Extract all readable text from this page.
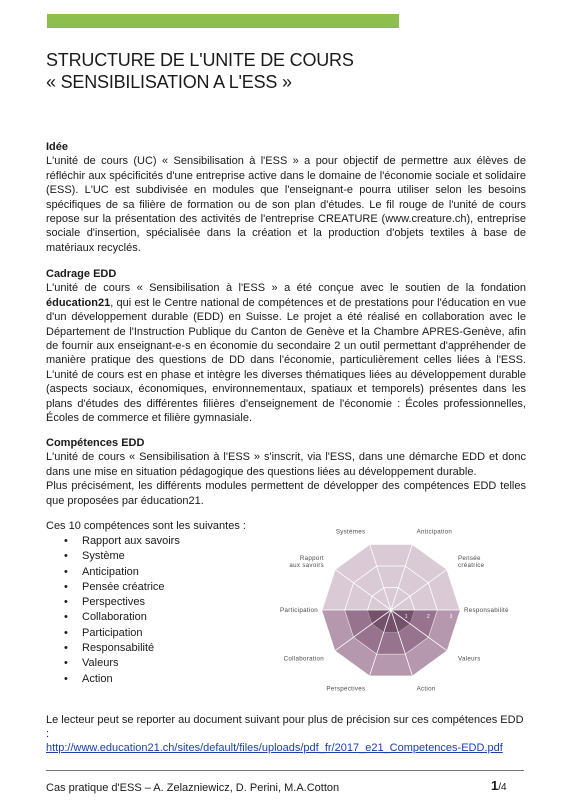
STRUCTURE DE L'UNITE DE COURS
« SENSIBILISATION A L'ESS »
Idée

L'unité de cours (UC) « Sensibilisation à l'ESS » a pour objectif de permettre aux élèves de réfléchir aux spécificités d'une entreprise active dans le domaine de l'économie sociale et solidaire (ESS). L'UC est subdivisée en modules que l'enseignant-e pourra utiliser selon les besoins spécifiques de sa filière de formation ou de son plan d'études. Le fil rouge de l'unité de cours repose sur la présentation des activités de l'entreprise CREATURE (www.creature.ch), entreprise sociale d'insertion, spécialisée dans la création et la production d'objets textiles à base de matériaux recyclés.

Cadrage EDD

L'unité de cours « Sensibilisation à l'ESS » a été conçue avec le soutien de la fondation éducation21, qui est le Centre national de compétences et de prestations pour l'éducation en vue d'un développement durable (EDD) en Suisse. Le projet a été réalisé en collaboration avec le Département de l'Instruction Publique du Canton de Genève et la Chambre APRES-Genève, afin de fournir aux enseignant-e-s en économie du secondaire 2 un outil permettant d'appréhender de manière pratique des questions de DD dans l'économie, particulièrement celles liées à l'ESS. L'unité de cours est en phase et intègre les diverses thématiques liées au développement durable (aspects sociaux, économiques, environnementaux, spatiaux et temporels) présentes dans les plans d'études des différentes filières d'enseignement de l'économie : Écoles professionnelles, Écoles de commerce et filière gymnasiale.

Compétences EDD

L'unité de cours « Sensibilisation à l'ESS » s'inscrit, via l'ESS, dans une démarche EDD et donc dans une mise en situation pédagogique des questions liées au développement durable.

Plus précisément, les différents modules permettent de développer des compétences EDD telles que proposées par éducation21.

Ces 10 compétences sont les suivantes :
• Rapport aux savoirs
• Système
• Anticipation
• Pensée créatrice
• Perspectives
• Collaboration
• Participation
• Responsabilité
• Valeurs
• Action
1	2	3
Systèmes	Anticipation
Pensée créatrice
Responsabilité
Valeurs
Action
Perspectives
Collaboration
Participation
Rapport aux savoirs
Le lecteur peut se reporter au document suivant pour plus de précision sur ces compétences EDD :
http://www.education21.ch/sites/default/files/uploads/pdf_fr/2017_e21_Competences-EDD.pdf
Cas pratique d'ESS – A. Zelazniewicz, D. Perini, M.A.Cotton	1/4
